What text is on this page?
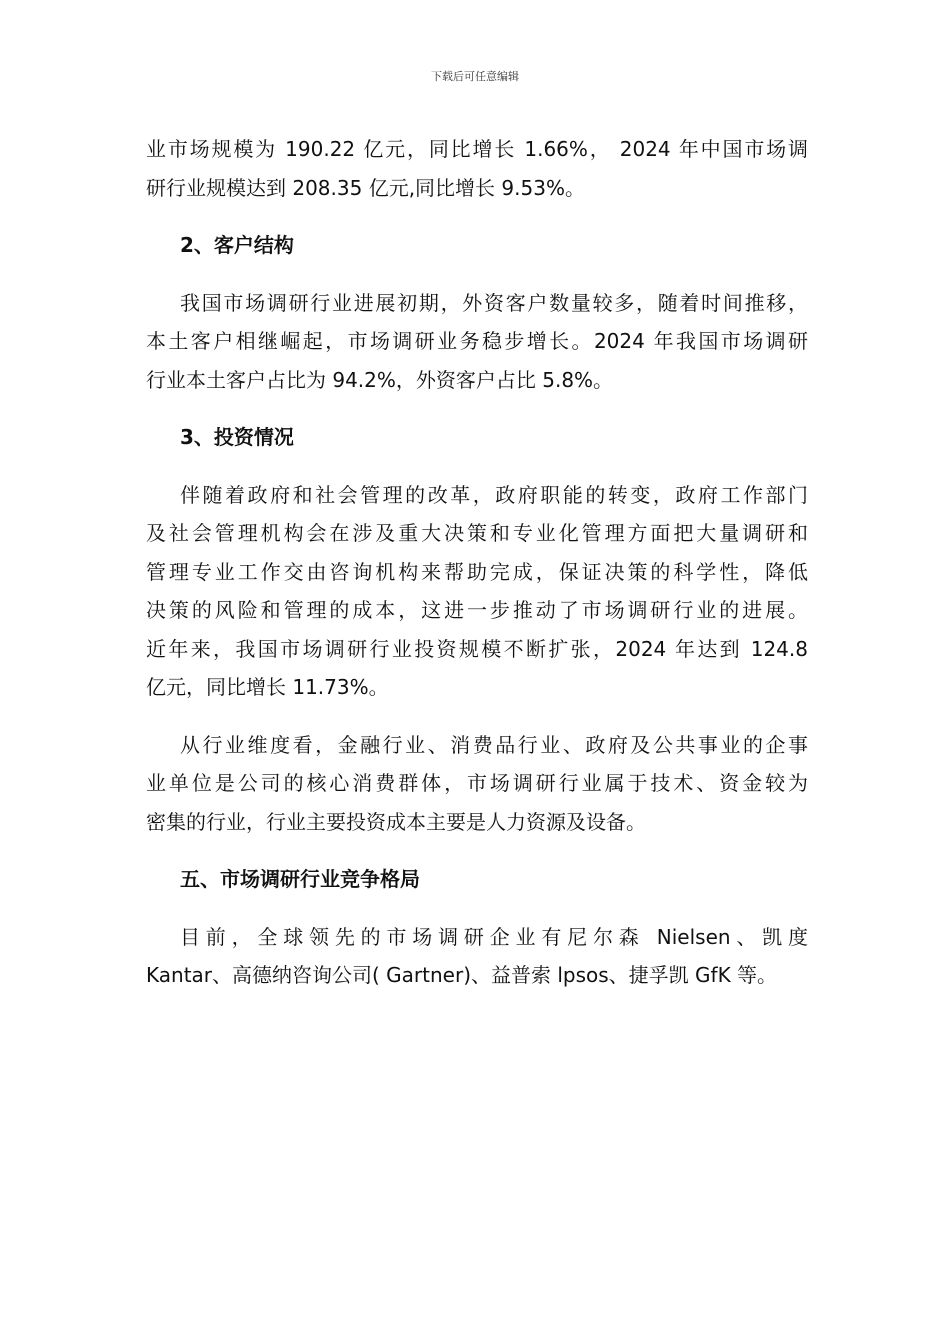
下载后可任意编辑
业市场规模为 190.22 亿元，同比增长 1.66%， 2024 年中国市场调
研行业规模达到 208.35 亿元,同比增长 9.53%。
2、客户结构
我国市场调研行业进展初期，外资客户数量较多，随着时间推移，
本土客户相继崛起，市场调研业务稳步增长。2024 年我国市场调研
行业本土客户占比为 94.2%，外资客户占比 5.8%。
3、投资情况
伴随着政府和社会管理的改革，政府职能的转变，政府工作部门
及社会管理机构会在涉及重大决策和专业化管理方面把大量调研和
管理专业工作交由咨询机构来帮助完成，保证决策的科学性，降低
决策的风险和管理的成本，这进一步推动了市场调研行业的进展。
近年来，我国市场调研行业投资规模不断扩张，2024 年达到 124.8
亿元，同比增长 11.73%。
从行业维度看，金融行业、消费品行业、政府及公共事业的企事
业单位是公司的核心消费群体，市场调研行业属于技术、资金较为
密集的行业，行业主要投资成本主要是人力资源及设备。
五、市场调研行业竞争格局
目前，全球领先的市场调研企业有尼尔森 Nielsen、凯度
Kantar、高德纳咨询公司( Gartner)、益普索 lpsos、捷孚凯 GfK 等。
